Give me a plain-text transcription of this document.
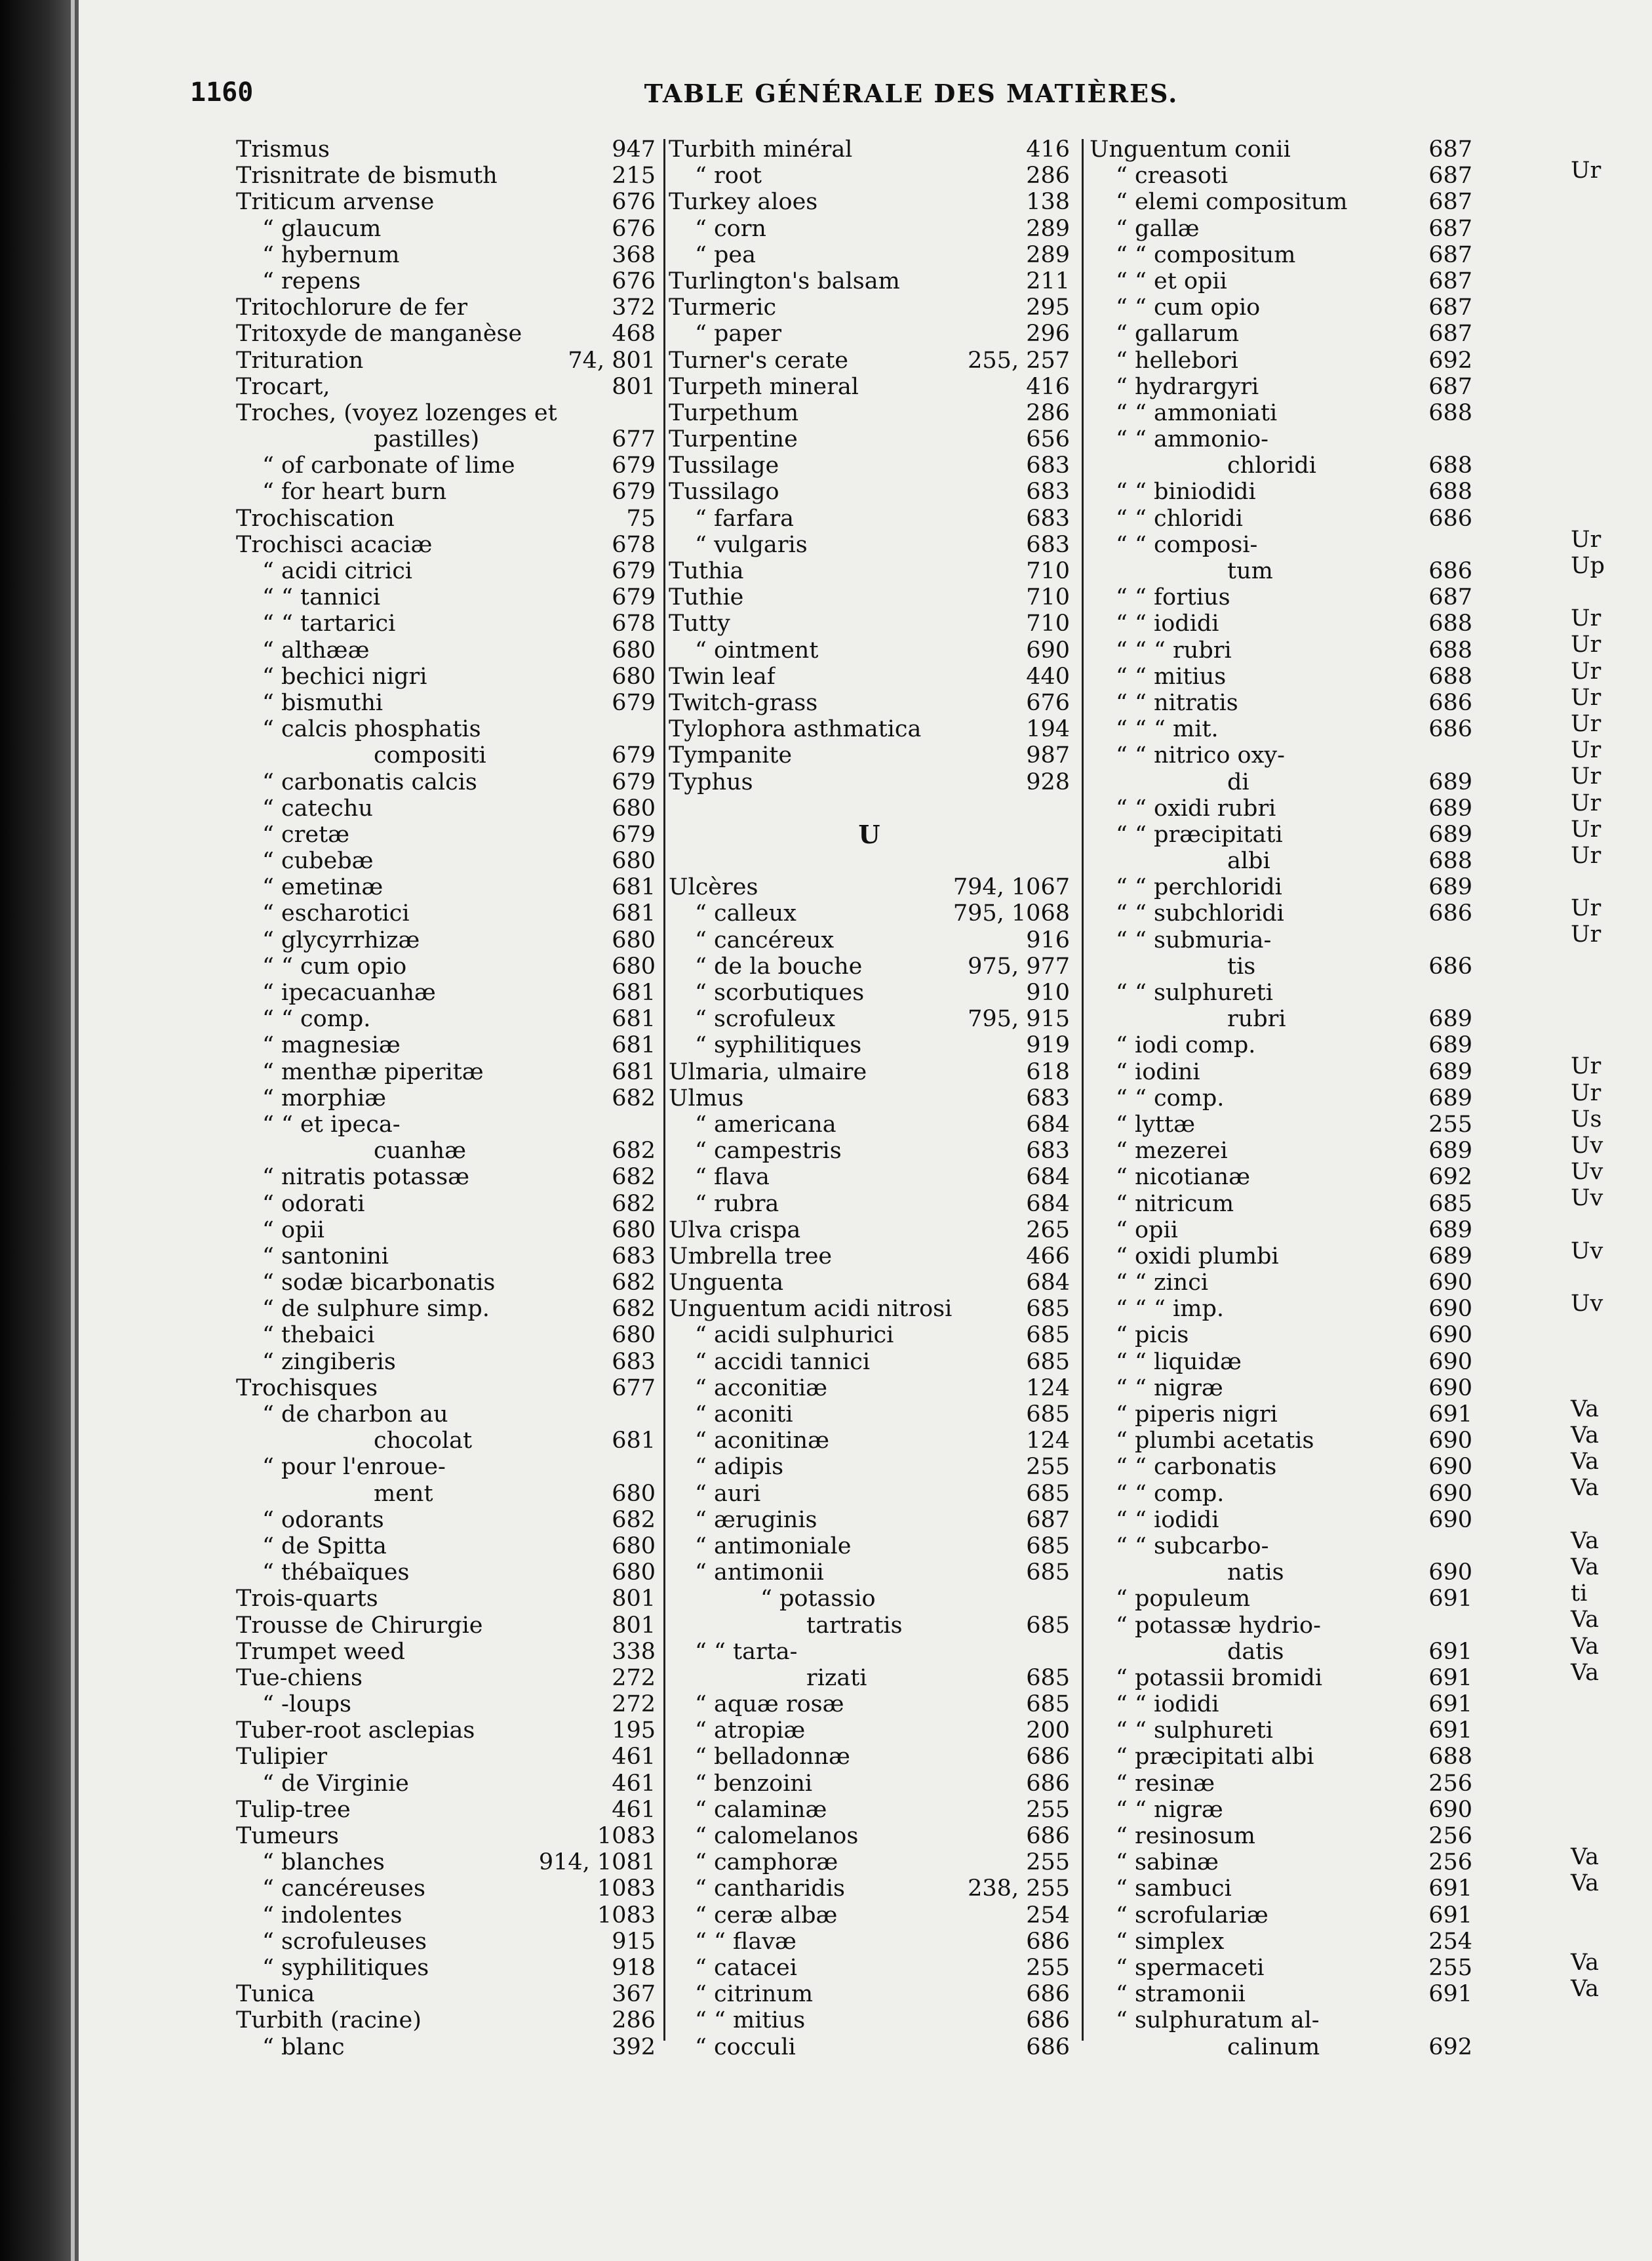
1160	TABLE GÉNÉRALE DES MATIÈRES.
Trismus	947
Trisnitrate de bismuth	215
Triticum arvense	676
“ glaucum	676
“ hybernum	368
“ repens	676
Tritochlorure de fer	372
Tritoxyde de manganèse	468
Trituration	74, 801
Trocart,	801
Troches, (voyez lozenges et
pastilles)	677
“ of carbonate of lime	679
“ for heart burn	679
Trochiscation	75
Trochisci acaciæ	678
“ acidi citrici	679
“ “ tannici	679
“ “ tartarici	678
“ althææ	680
“ bechici nigri	680
“ bismuthi	679
“ calcis phosphatis
compositi	679
“ carbonatis calcis	679
“ catechu	680
“ cretæ	679
“ cubebæ	680
“ emetinæ	681
“ escharotici	681
“ glycyrrhizæ	680
“ “ cum opio	680
“ ipecacuanhæ	681
“ “ comp.	681
“ magnesiæ	681
“ menthæ piperitæ	681
“ morphiæ	682
“ “ et ipeca-
cuanhæ	682
“ nitratis potassæ	682
“ odorati	682
“ opii	680
“ santonini	683
“ sodæ bicarbonatis	682
“ de sulphure simp.	682
“ thebaici	680
“ zingiberis	683
Trochisques	677
“ de charbon au
chocolat	681
“ pour l'enroue-
ment	680
“ odorants	682
“ de Spitta	680
“ thébaïques	680
Trois-quarts	801
Trousse de Chirurgie	801
Trumpet weed	338
Tue-chiens	272
“ -loups	272
Tuber-root asclepias	195
Tulipier	461
“ de Virginie	461
Tulip-tree	461
Tumeurs	1083
“ blanches	914, 1081
“ cancéreuses	1083
“ indolentes	1083
“ scrofuleuses	915
“ syphilitiques	918
Tunica	367
Turbith (racine)	286
“ blanc	392
Turbith minéral	416
“ root	286
Turkey aloes	138
“ corn	289
“ pea	289
Turlington's balsam	211
Turmeric	295
“ paper	296
Turner's cerate	255, 257
Turpeth mineral	416
Turpethum	286
Turpentine	656
Tussilage	683
Tussilago	683
“ farfara	683
“ vulgaris	683
Tuthia	710
Tuthie	710
Tutty	710
“ ointment	690
Twin leaf	440
Twitch-grass	676
Tylophora asthmatica	194
Tympanite	987
Typhus	928
U
Ulcères	794, 1067
“ calleux	795, 1068
“ cancéreux	916
“ de la bouche	975, 977
“ scorbutiques	910
“ scrofuleux	795, 915
“ syphilitiques	919
Ulmaria, ulmaire	618
Ulmus	683
“ americana	684
“ campestris	683
“ flava	684
“ rubra	684
Ulva crispa	265
Umbrella tree	466
Unguenta	684
Unguentum acidi nitrosi	685
“ acidi sulphurici	685
“ accidi tannici	685
“ acconitiæ	124
“ aconiti	685
“ aconitinæ	124
“ adipis	255
“ auri	685
“ æruginis	687
“ antimoniale	685
“ antimonii	685
“ potassio
tartratis	685
“ “ tarta-
rizati	685
“ aquæ rosæ	685
“ atropiæ	200
“ belladonnæ	686
“ benzoini	686
“ calaminæ	255
“ calomelanos	686
“ camphoræ	255
“ cantharidis	238, 255
“ ceræ albæ	254
“ “ flavæ	686
“ catacei	255
“ citrinum	686
“ “ mitius	686
“ cocculi	686
Unguentum conii	687
“ creasoti	687
“ elemi compositum	687
“ gallæ	687
“ “ compositum	687
“ “ et opii	687
“ “ cum opio	687
“ gallarum	687
“ hellebori	692
“ hydrargyri	687
“ “ ammoniati	688
“ “ ammonio-
chloridi	688
“ “ biniodidi	688
“ “ chloridi	686
“ “ composi-
tum	686
“ “ fortius	687
“ “ iodidi	688
“ “ “ rubri	688
“ “ mitius	688
“ “ nitratis	686
“ “ “ mit.	686
“ “ nitrico oxy-
di	689
“ “ oxidi rubri	689
“ “ præcipitati	689
albi	688
“ “ perchloridi	689
“ “ subchloridi	686
“ “ submuria-
tis	686
“ “ sulphureti
rubri	689
“ iodi comp.	689
“ iodini	689
“ “ comp.	689
“ lyttæ	255
“ mezerei	689
“ nicotianæ	692
“ nitricum	685
“ opii	689
“ oxidi plumbi	689
“ “ zinci	690
“ “ “ imp.	690
“ picis	690
“ “ liquidæ	690
“ “ nigræ	690
“ piperis nigri	691
“ plumbi acetatis	690
“ “ carbonatis	690
“ “ comp.	690
“ “ iodidi	690
“ “ subcarbo-
natis	690
“ populeum	691
“ potassæ hydrio-
datis	691
“ potassii bromidi	691
“ “ iodidi	691
“ “ sulphureti	691
“ præcipitati albi	688
“ resinæ	256
“ “ nigræ	690
“ resinosum	256
“ sabinæ	256
“ sambuci	691
“ scrofulariæ	691
“ simplex	254
“ spermaceti	255
“ stramonii	691
“ sulphuratum al-
calinum	692
Ur
Ur
Up
Ur
Ur
Ur
Ur
Ur
Ur
Ur
Ur
Ur
Ur
Ur
Ur
Ur
Ur
Us
Uv
Uv
Uv
Uv
Uv
Va
Va
Va
Va
Va
Va
ti
Va
Va
Va
Va
Va
Va
Va
